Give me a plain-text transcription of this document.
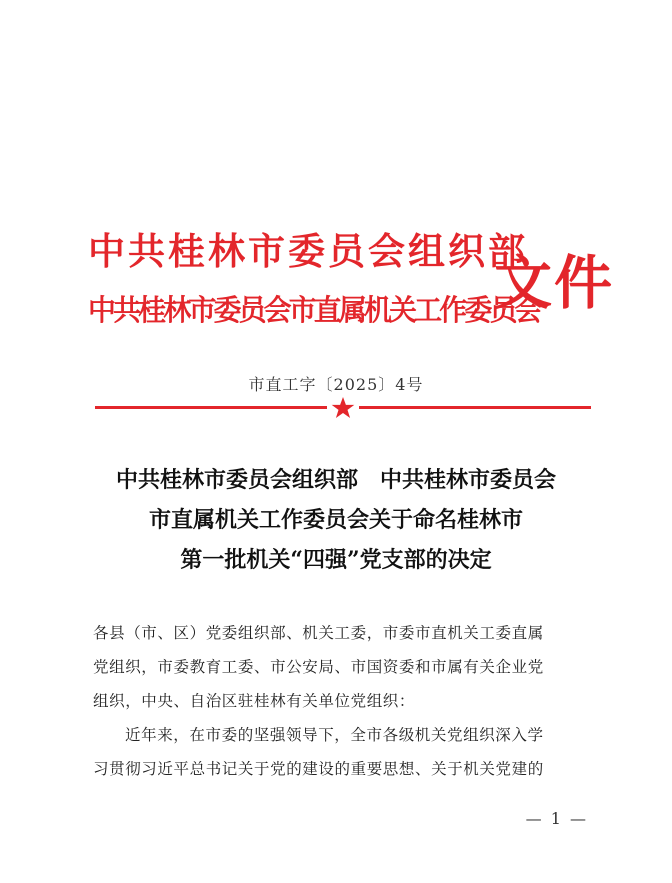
中共桂林市委员会组织部
中共桂林市委员会市直属机关工作委员会
文件
市直工字〔2025〕4号
中共桂林市委员会组织部　中共桂林市委员会
市直属机关工作委员会关于命名桂林市
第一批机关“四强”党支部的决定
各县（市、区）党委组织部、机关工委，市委市直机关工委直属
党组织，市委教育工委、市公安局、市国资委和市属有关企业党
组织，中央、自治区驻桂林有关单位党组织：
近年来，在市委的坚强领导下，全市各级机关党组织深入学
习贯彻习近平总书记关于党的建设的重要思想、关于机关党建的
— 1 —
